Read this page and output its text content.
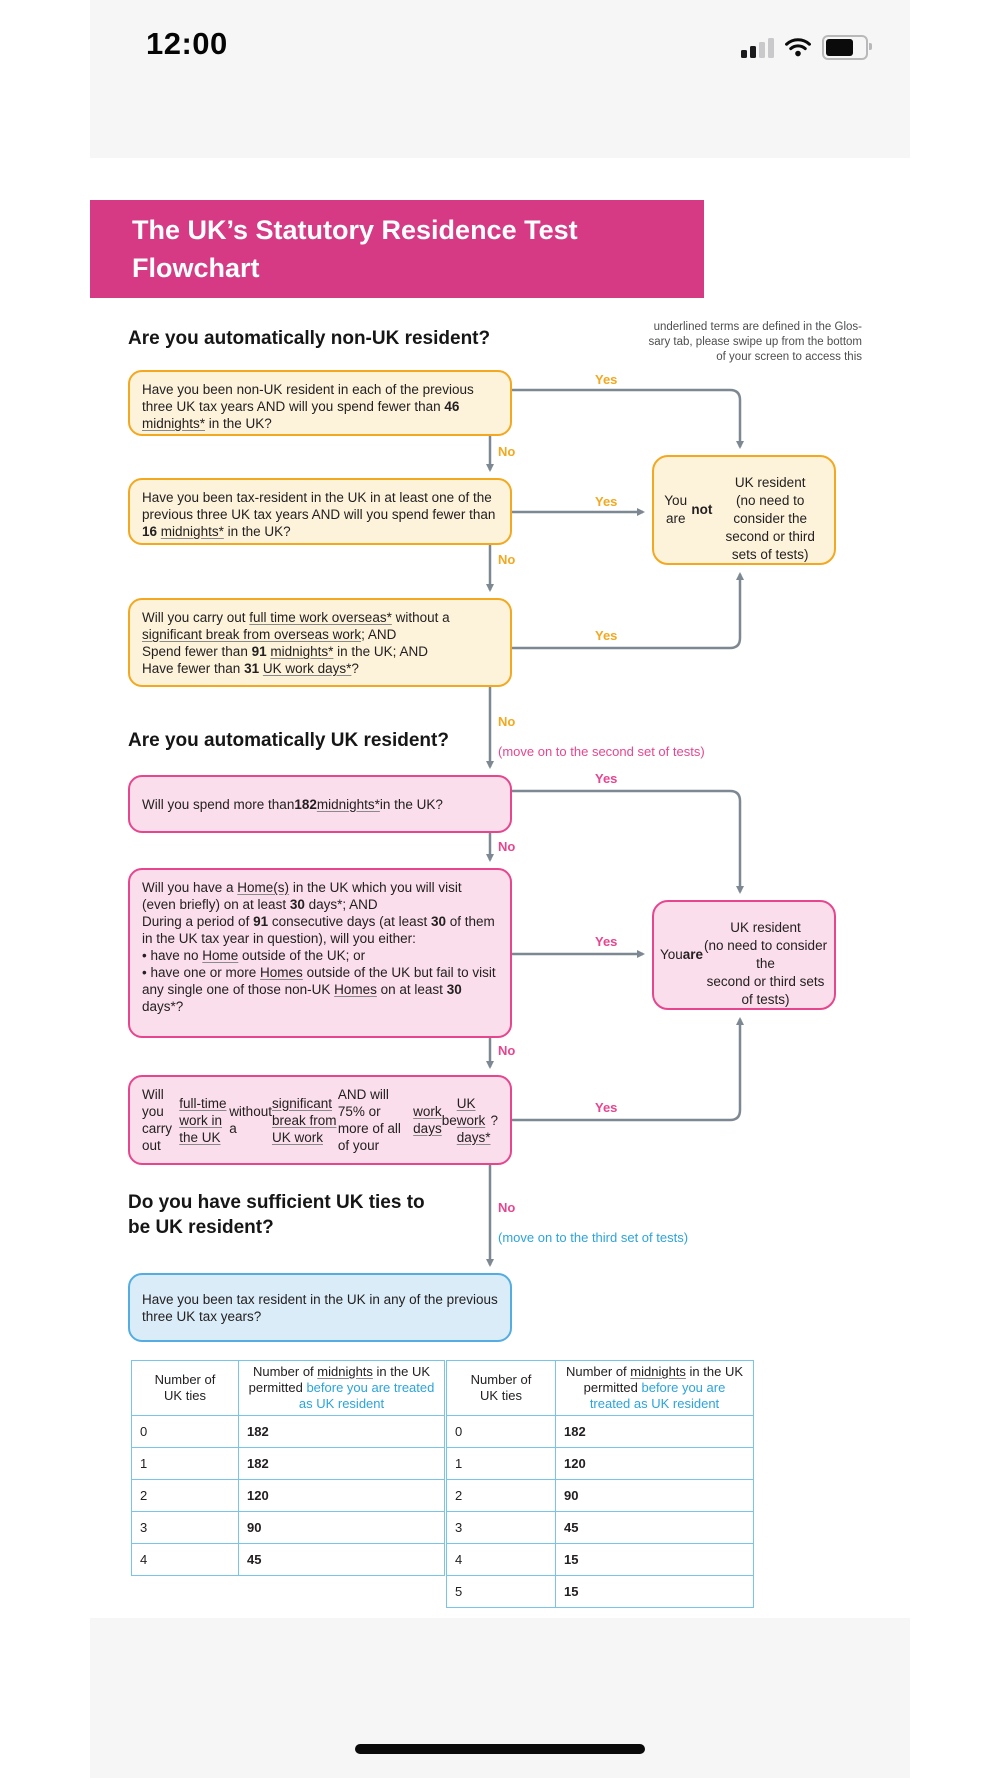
12:00
The UK’s Statutory Residence Test
Flowchart
underlined terms are defined in the Glos-
sary tab, please swipe up from the bottom
of your screen to access this
Are you automatically non-UK resident?
Are you automatically UK resident?
Do you have sufficient UK ties to
be UK resident?
Have you been non-UK resident in each of the previous three UK tax years AND will you spend fewer than 46 midnights* in the UK?
Have you been tax-resident in the UK in at least one of the previous three UK tax years AND will you spend fewer than 16 midnights* in the UK?
Will you carry out full time work overseas* without a
significant break from overseas work; AND
Spend fewer than 91 midnights* in the UK; AND
Have fewer than 31 UK work days*?
You are
not

UK resident
(no need to consider the
second or third sets of tests)
Will you spend more than 182 midnights* in the UK?
Will you have a Home(s) in the UK which you will visit (even briefly) on at least 30 days*; AND
During a period of 91 consecutive days (at least 30 of them in the UK tax year in question), will you either:
• have no Home outside of the UK; or
• have one or more Homes outside of the UK but fail to visit any single one of those non-UK Homes on at least 30 days*?
You are

UK resident
(no need to consider the
second or third sets of tests)
Will you carry out
full-time work in the UK
without a
significant break from UK work
AND will 75% or more of all of your
work days
be
UK work days*
?
Have you been tax resident in the UK in any of the previous three UK tax years?
Yes
No
Yes
No
Yes
No
(move on to the second set of tests)
Yes
No
Yes
No
Yes
No
(move on to the third set of tests)
Number of
UK ties	Number of midnights in the UK permitted before you are treated as UK resident
0	182
1	182
2	120
3	90
4	45
Number of
UK ties	Number of midnights in the UK permitted before you are treated as UK resident
0	182
1	120
2	90
3	45
4	15
5	15
